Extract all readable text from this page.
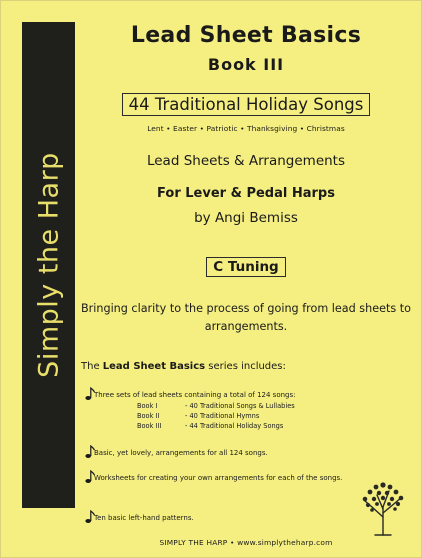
Simply the Harp
Lead Sheet Basics
Book III
44 Traditional Holiday Songs
Lent • Easter • Patriotic • Thanksgiving • Christmas
Lead Sheets & Arrangements
For Lever & Pedal Harps
by Angi Bemiss
C Tuning
Bringing clarity to the process of going from lead sheets to arrangements.
The Lead Sheet Basics series includes:
Three sets of lead sheets containing a total of 124 songs:
Book I	- 40 Traditional Songs & Lullabies
Book II	- 40 Traditional Hymns
Book III	- 44 Traditional Holiday Songs
Basic, yet lovely, arrangements for all 124 songs.
Worksheets for creating your own arrangements for each of the songs.
Ten basic left-hand patterns.
SIMPLY THE HARP • www.simplytheharp.com
